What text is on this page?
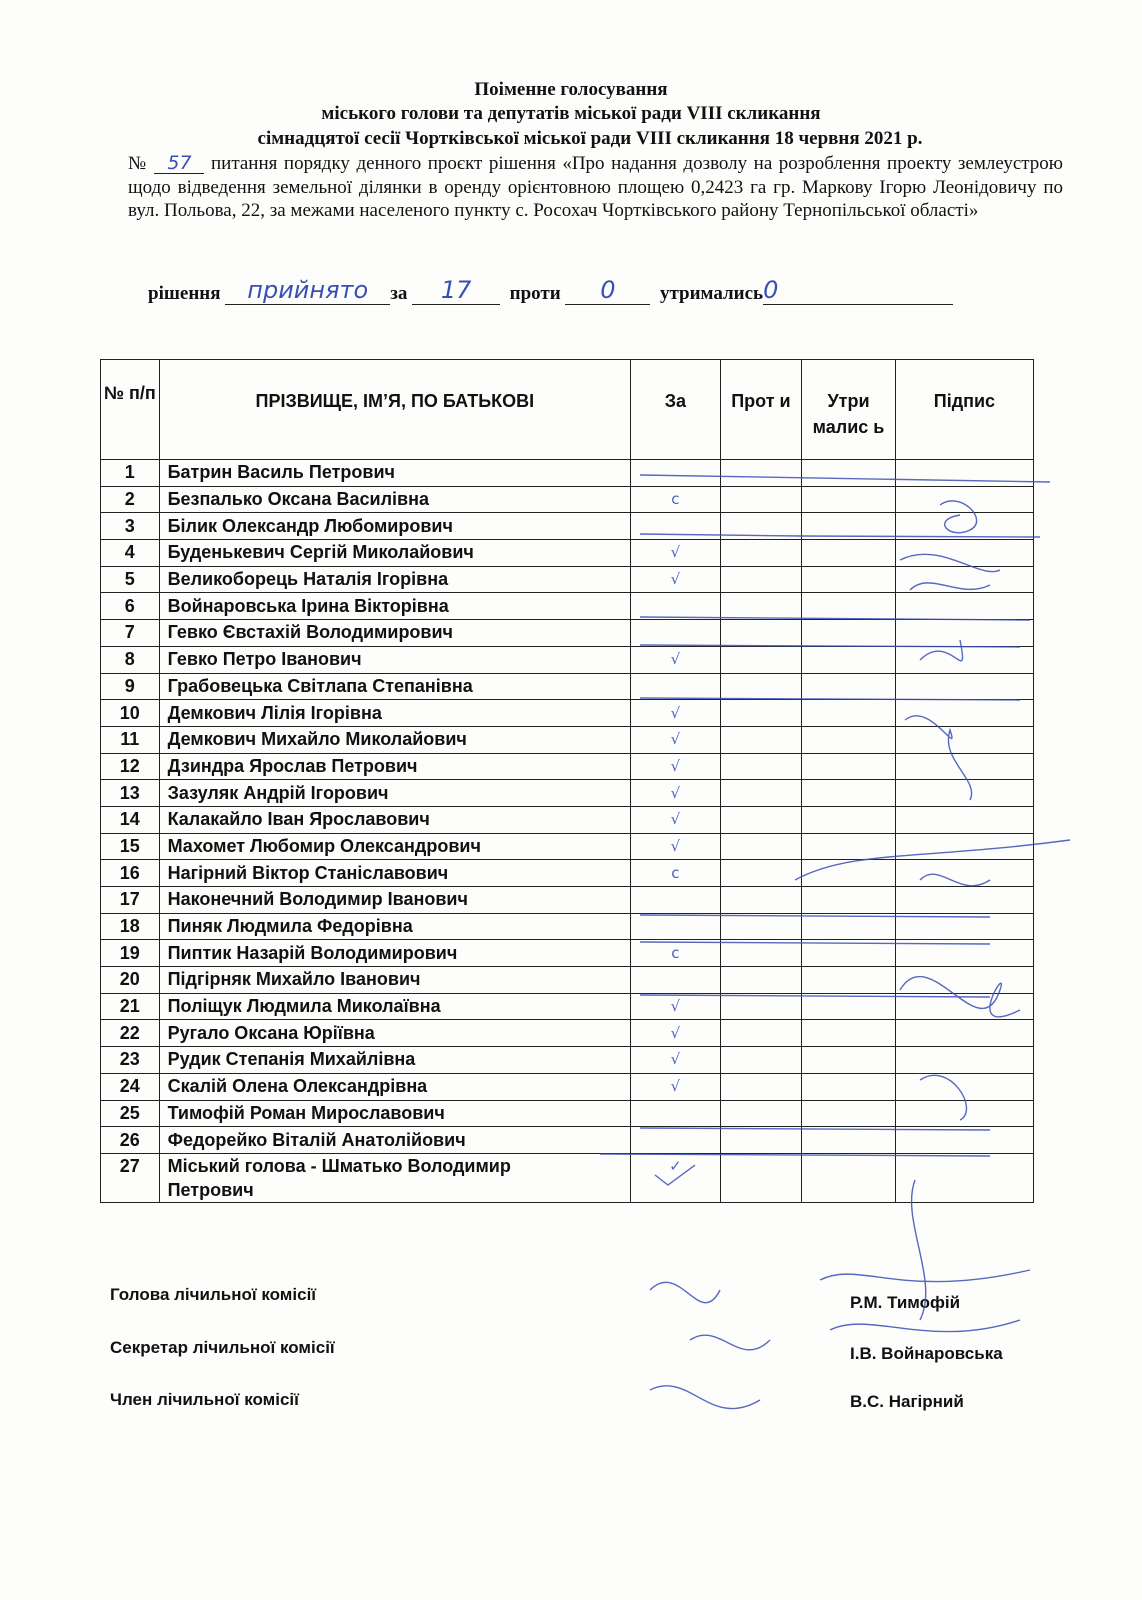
Поіменне голосування
міського голови та депутатів міської ради VIII скликання
сімнадцятої сесії Чортківської міської ради VIII скликання 18 червня 2021 р.
№ 57 питання порядку денного проєкт рішення «Про надання дозволу на розроблення проекту землеустрою щодо відведення земельної ділянки в оренду орієнтовною площею 0,2423 га гр. Маркову Ігорю Леонідовичу по вул. Польова, 22, за межами населеного пункту с. Росохач Чортківського району Тернопільської області»
рішення прийнято за 17 проти 0 утримались0
№ п/п	ПРІЗВИЩЕ, ІМ’Я, ПО БАТЬКОВІ	За	Прот и	Утри малис ь	Підпис
1	Батрин Василь Петрович				
2	Безпалько Оксана Василівна	с			
3	Білик Олександр Любомирович				
4	Буденькевич Сергій Миколайович	√			
5	Великоборець Наталія Ігорівна	√			
6	Войнаровська Ірина Вікторівна				
7	Гевко Євстахій Володимирович				
8	Гевко Петро Іванович	√			
9	Грабовецька Світлапа Степанівна				
10	Демкович Лілія Ігорівна	√			
11	Демкович Михайло Миколайович	√			
12	Дзиндра Ярослав Петрович	√			
13	Зазуляк Андрій Ігорович	√			
14	Калакайло Іван Ярославович	√			
15	Махомет Любомир Олександрович	√			
16	Нагірний Віктор Станіславович	с			
17	Наконечний Володимир Іванович				
18	Пиняк Людмила Федорівна				
19	Пиптик Назарій Володимирович	с			
20	Підгірняк Михайло Іванович				
21	Поліщук Людмила Миколаївна	√			
22	Ругало Оксана Юріївна	√			
23	Рудик Степанія Михайлівна	√			
24	Скалій Олена Олександрівна	√			
25	Тимофій Роман Мирославович				
26	Федорейко Віталій Анатолійович				
27	Міський голова - Шматько Володимир
Петрович	✓			
Голова лічильної комісії
Секретар лічильної комісії
Член лічильної комісії
Р.М. Тимофій
І.В. Войнаровська
В.С. Нагірний
